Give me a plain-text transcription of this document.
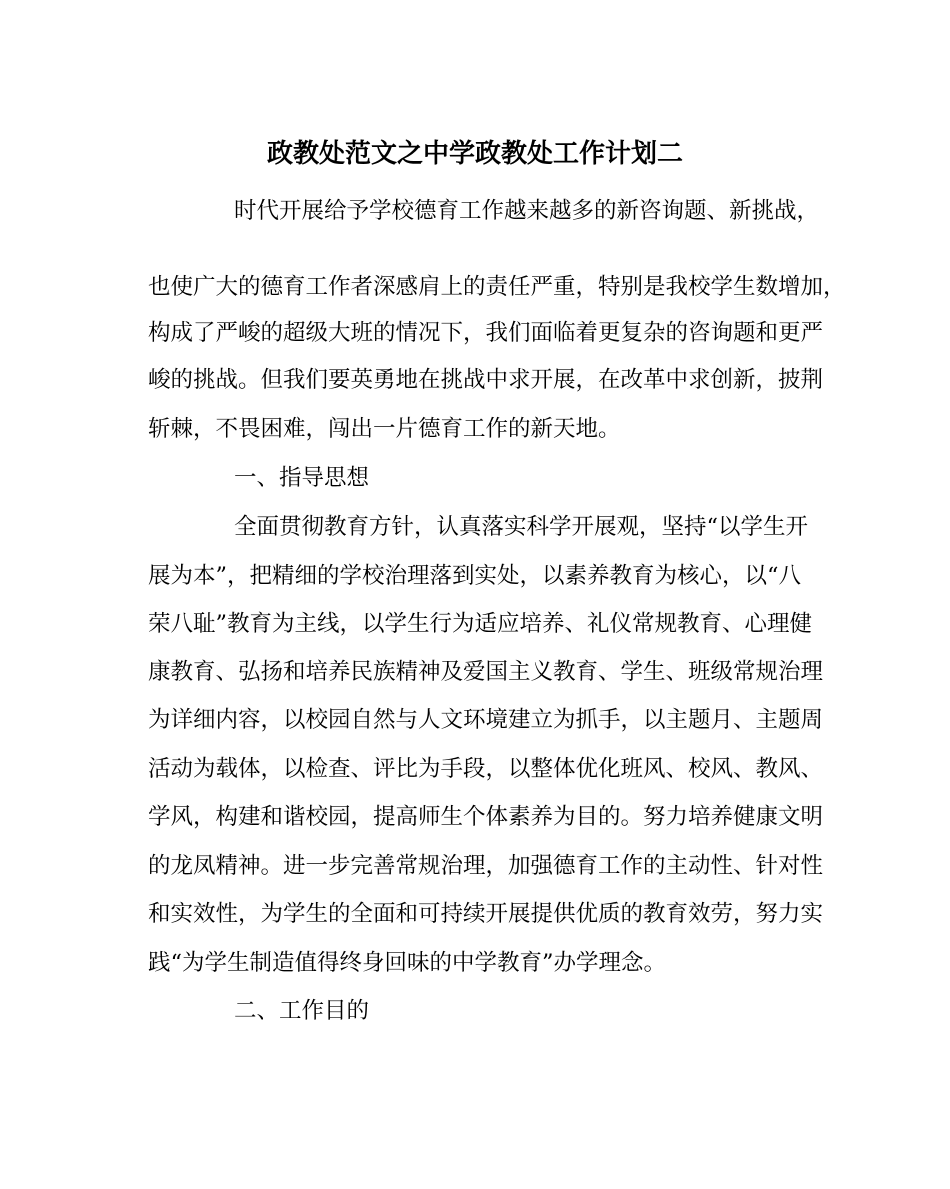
政教处范文之中学政教处工作计划二
时代开展给予学校德育工作越来越多的新咨询题、新挑战，
也使广大的德育工作者深感肩上的责任严重，特别是我校学生数增加，
构成了严峻的超级大班的情况下，我们面临着更复杂的咨询题和更严
峻的挑战。但我们要英勇地在挑战中求开展，在改革中求创新，披荆
斩棘，不畏困难，闯出一片德育工作的新天地。
一、指导思想
全面贯彻教育方针，认真落实科学开展观，坚持“以学生开
展为本”，把精细的学校治理落到实处，以素养教育为核心，以“八
荣八耻”教育为主线，以学生行为适应培养、礼仪常规教育、心理健
康教育、弘扬和培养民族精神及爱国主义教育、学生、班级常规治理
为详细内容，以校园自然与人文环境建立为抓手，以主题月、主题周
活动为载体，以检查、评比为手段，以整体优化班风、校风、教风、
学风，构建和谐校园，提高师生个体素养为目的。努力培养健康文明
的龙凤精神。进一步完善常规治理，加强德育工作的主动性、针对性
和实效性，为学生的全面和可持续开展提供优质的教育效劳，努力实
践“为学生制造值得终身回味的中学教育”办学理念。
二、工作目的
